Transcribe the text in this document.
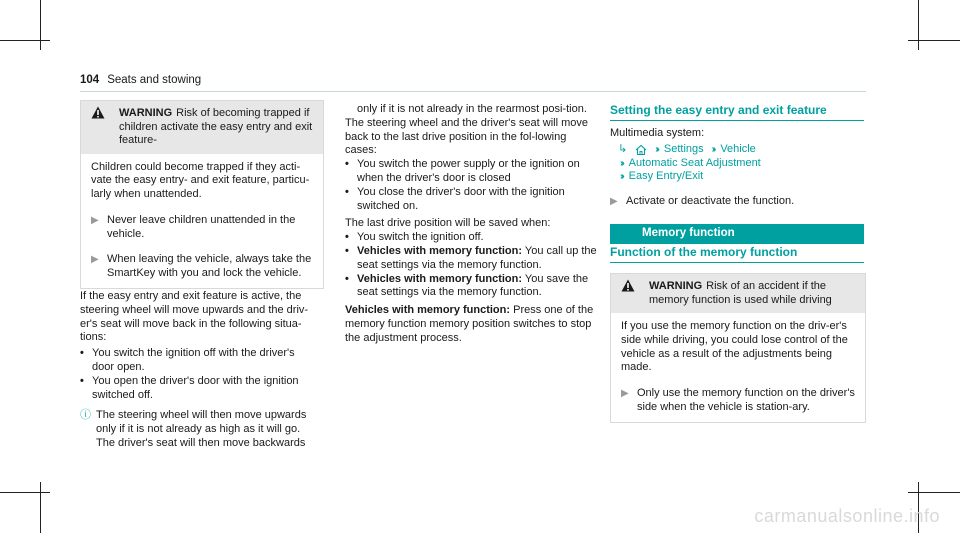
104 Seats and stowing
WARNING Risk of becoming trapped if children activate the easy entry and exit feature-
Children could become trapped if they acti-vate the easy entry- and exit feature, particu-larly when unattended.
▶ Never leave children unattended in the vehicle.
▶ When leaving the vehicle, always take the SmartKey with you and lock the vehicle.

If the easy entry and exit feature is active, the steering wheel will move upwards and the driv-er's seat will move back in the following situa-tions:

• You switch the ignition off with the driver's door open.
• You open the driver's door with the ignition switched off.
ⓘ The steering wheel will then move upwards only if it is not already as high as it will go. The driver's seat will then move backwards

only if it is not already in the rearmost posi-tion.

The steering wheel and the driver's seat will move back to the last drive position in the fol-lowing cases:

• You switch the power supply or the ignition on when the driver's door is closed
• You close the driver's door with the ignition switched on.

The last drive position will be saved when:

• You switch the ignition off.
• Vehicles with memory function: You call up the seat settings via the memory function.
• Vehicles with memory function: You save the seat settings via the memory function.

Vehicles with memory function: Press one of the memory function memory position switches to stop the adjustment process.

Setting the easy entry and exit feature

Multimedia system:

↳	›› Settings ›› Vehicle
›› Automatic Seat Adjustment
›› Easy Entry/Exit
▶ Activate or deactivate the function.
Memory function
Function of the memory function
WARNING Risk of an accident if the memory function is used while driving
If you use the memory function on the driv-er's side while driving, you could lose control of the vehicle as a result of the adjustments being made.
▶ Only use the memory function on the driver's side when the vehicle is station-ary.
carmanualsonline.info
